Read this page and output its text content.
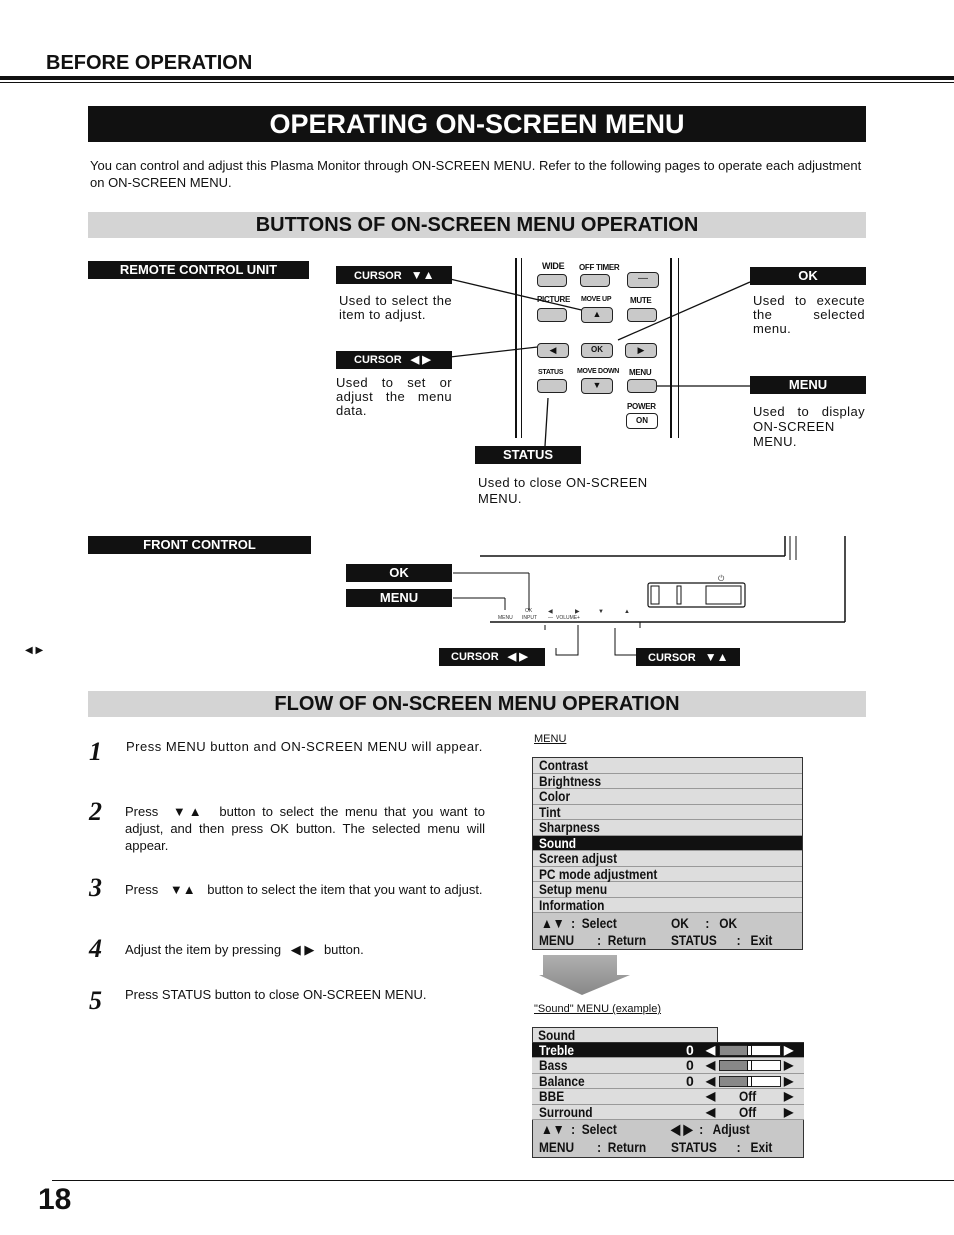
BEFORE OPERATION
OPERATING ON-SCREEN MENU
You can control and adjust this Plasma Monitor through ON-SCREEN MENU. Refer to the following pages to operate each adjustment on ON-SCREEN MENU.
BUTTONS OF ON-SCREEN MENU OPERATION
REMOTE CONTROL UNIT	CURSOR ▼▲
Used to select the item to adjust.
CURSOR ◀ ▶
Used to set or adjust the menu data.
WIDE OFF TIMER
—
PICTURE MOVE UP MUTE
▲
◀	OK	▶
STATUS MOVE DOWN MENU
▼
POWER
ON
OK
Used to execute the selected menu.
MENU
Used to display ON-SCREEN MENU.
STATUS
Used to close ON-SCREEN MENU.
FRONT CONTROL
OK
MENU
◀ ▶
MENU
OK
INPUT	VOLUME
◀	▶
—	+
▼	▲
⏻
CURSOR ◀ ▶	CURSOR ▼▲
FLOW OF ON-SCREEN MENU OPERATION
1 Press MENU button and ON-SCREEN MENU will appear.
2 Press ▼▲ button to select the menu that you want to adjust, and then press OK button. The selected menu will appear.
3 Press ▼▲ button to select the item that you want to adjust.
4 Adjust the item by pressing ◀ ▶ button.
5 Press STATUS button to close ON-SCREEN MENU.
MENU
Contrast
Brightness
Color
Tint
Sharpness
Sound
Screen adjust
PC mode adjustment
Setup menu
Information
▲▼  :  Select	OK     :   OK
MENU       :  Return STATUS      :   Exit
"Sound" MENU (example)
Sound
Treble	0 ◀	▶
Bass	0 ◀	▶
Balance	0 ◀	▶
BBE	◀ Off ▶
Surround	◀ Off ▶
▲▼  :  Select	◀ ▶  :   Adjust
MENU       :  Return STATUS      :   Exit
18
